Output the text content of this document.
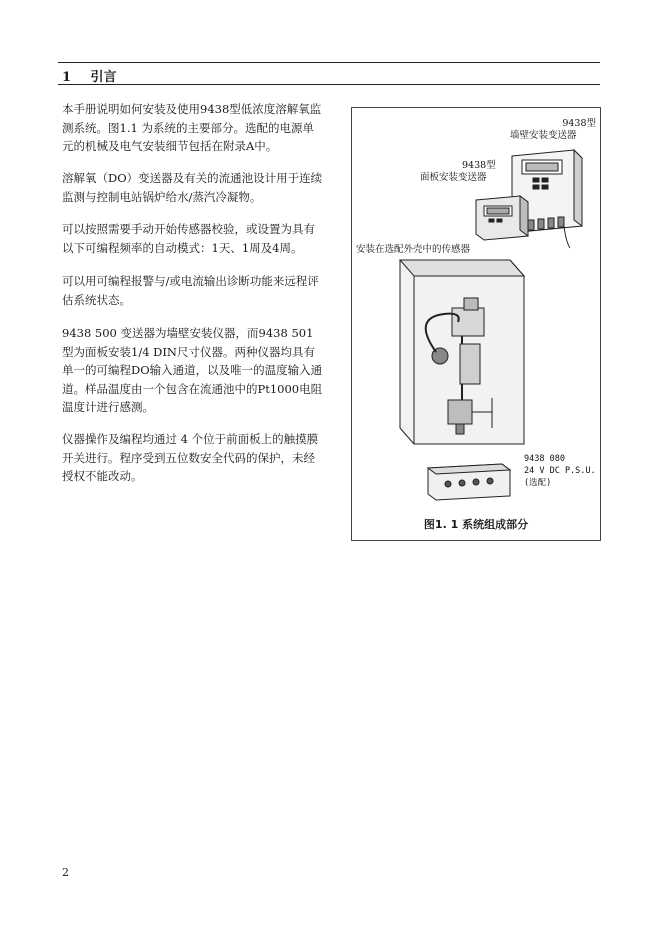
1 引言
本手册说明如何安装及使用9438型低浓度溶解氧监测系统。图1.1 为系统的主要部分。选配的电源单元的机械及电气安装细节包括在附录A中。
溶解氧（DO）变送器及有关的流通池设计用于连续监测与控制电站锅炉给水/蒸汽冷凝物。
可以按照需要手动开始传感器校验，或设置为具有以下可编程频率的自动模式：1天、1周及4周。
可以用可编程报警与/或电流输出诊断功能来远程评估系统状态。
9438 500 变送器为墙壁安装仪器，而9438 501型为面板安装1/4 DIN尺寸仪器。两种仪器均具有单一的可编程DO输入通道，以及唯一的温度输入通道。样品温度由一个包含在流通池中的Pt1000电阻温度计进行感测。
仪器操作及编程均通过 4 个位于前面板上的触摸膜开关进行。程序受到五位数安全代码的保护，未经授权不能改动。
9438型
墙壁安装变送器
9438型
面板安装变送器
安装在选配外壳中的传感器
9438 080
24 V DC P.S.U.
(选配)
图1. 1 系统组成部分
2
